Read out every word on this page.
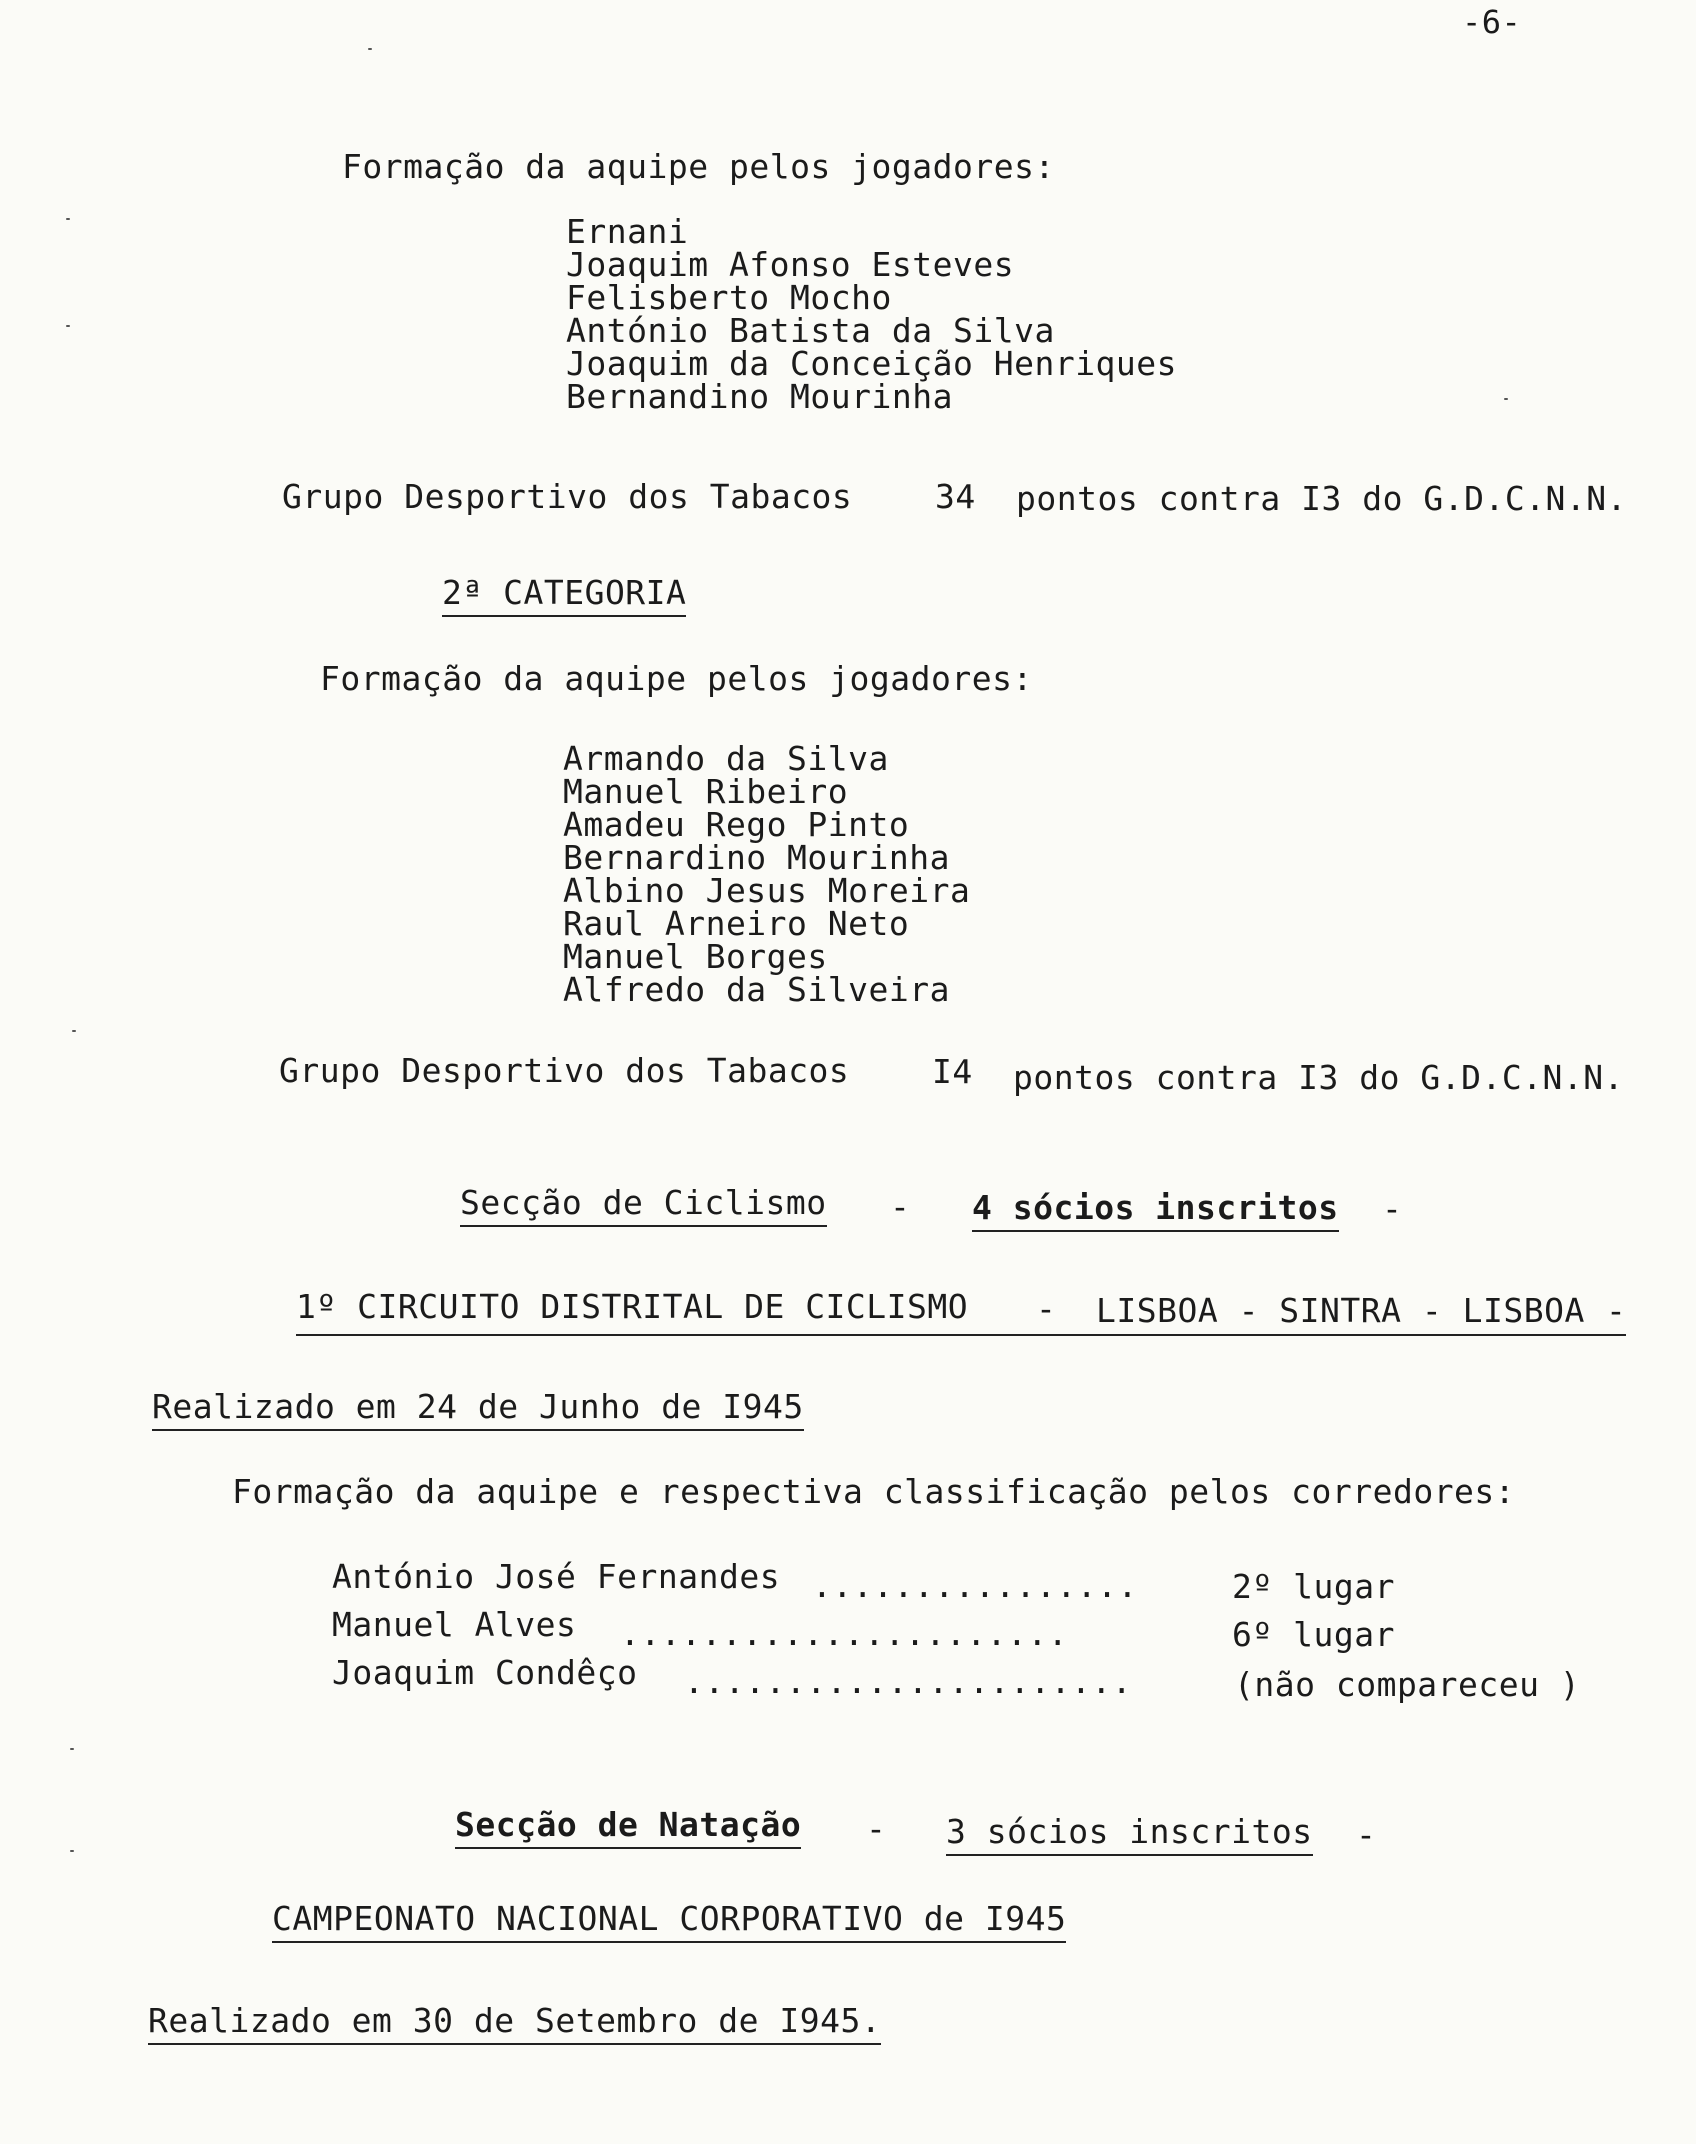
-6-
Formação da aquipe pelos jogadores:
Ernani
Joaquim Afonso Esteves
Felisberto Mocho
António Batista da Silva
Joaquim da Conceição Henriques
Bernandino Mourinha
Grupo Desportivo dos Tabacos	34 pontos contra I3 do G.D.C.N.N.
2ª CATEGORIA
Formação da aquipe pelos jogadores:
Armando da Silva
Manuel Ribeiro
Amadeu Rego Pinto
Bernardino Mourinha
Albino Jesus Moreira
Raul Arneiro Neto
Manuel Borges
Alfredo da Silveira
Grupo Desportivo dos Tabacos	I4 pontos contra I3 do G.D.C.N.N.
Secção de Ciclismo - 4 sócios inscritos -
1º CIRCUITO DISTRITAL DE CICLISMO - LISBOA - SINTRA - LISBOA -
Realizado em 24 de Junho de I945
Formação da aquipe e respectiva classificação pelos corredores:
António José Fernandes ................	2º lugar
Manuel Alves ......................	6º lugar
Joaquim Condêço ......................	(não compareceu )
Secção de Natação - 3 sócios inscritos -
CAMPEONATO NACIONAL CORPORATIVO de I945
Realizado em 30 de Setembro de I945.
